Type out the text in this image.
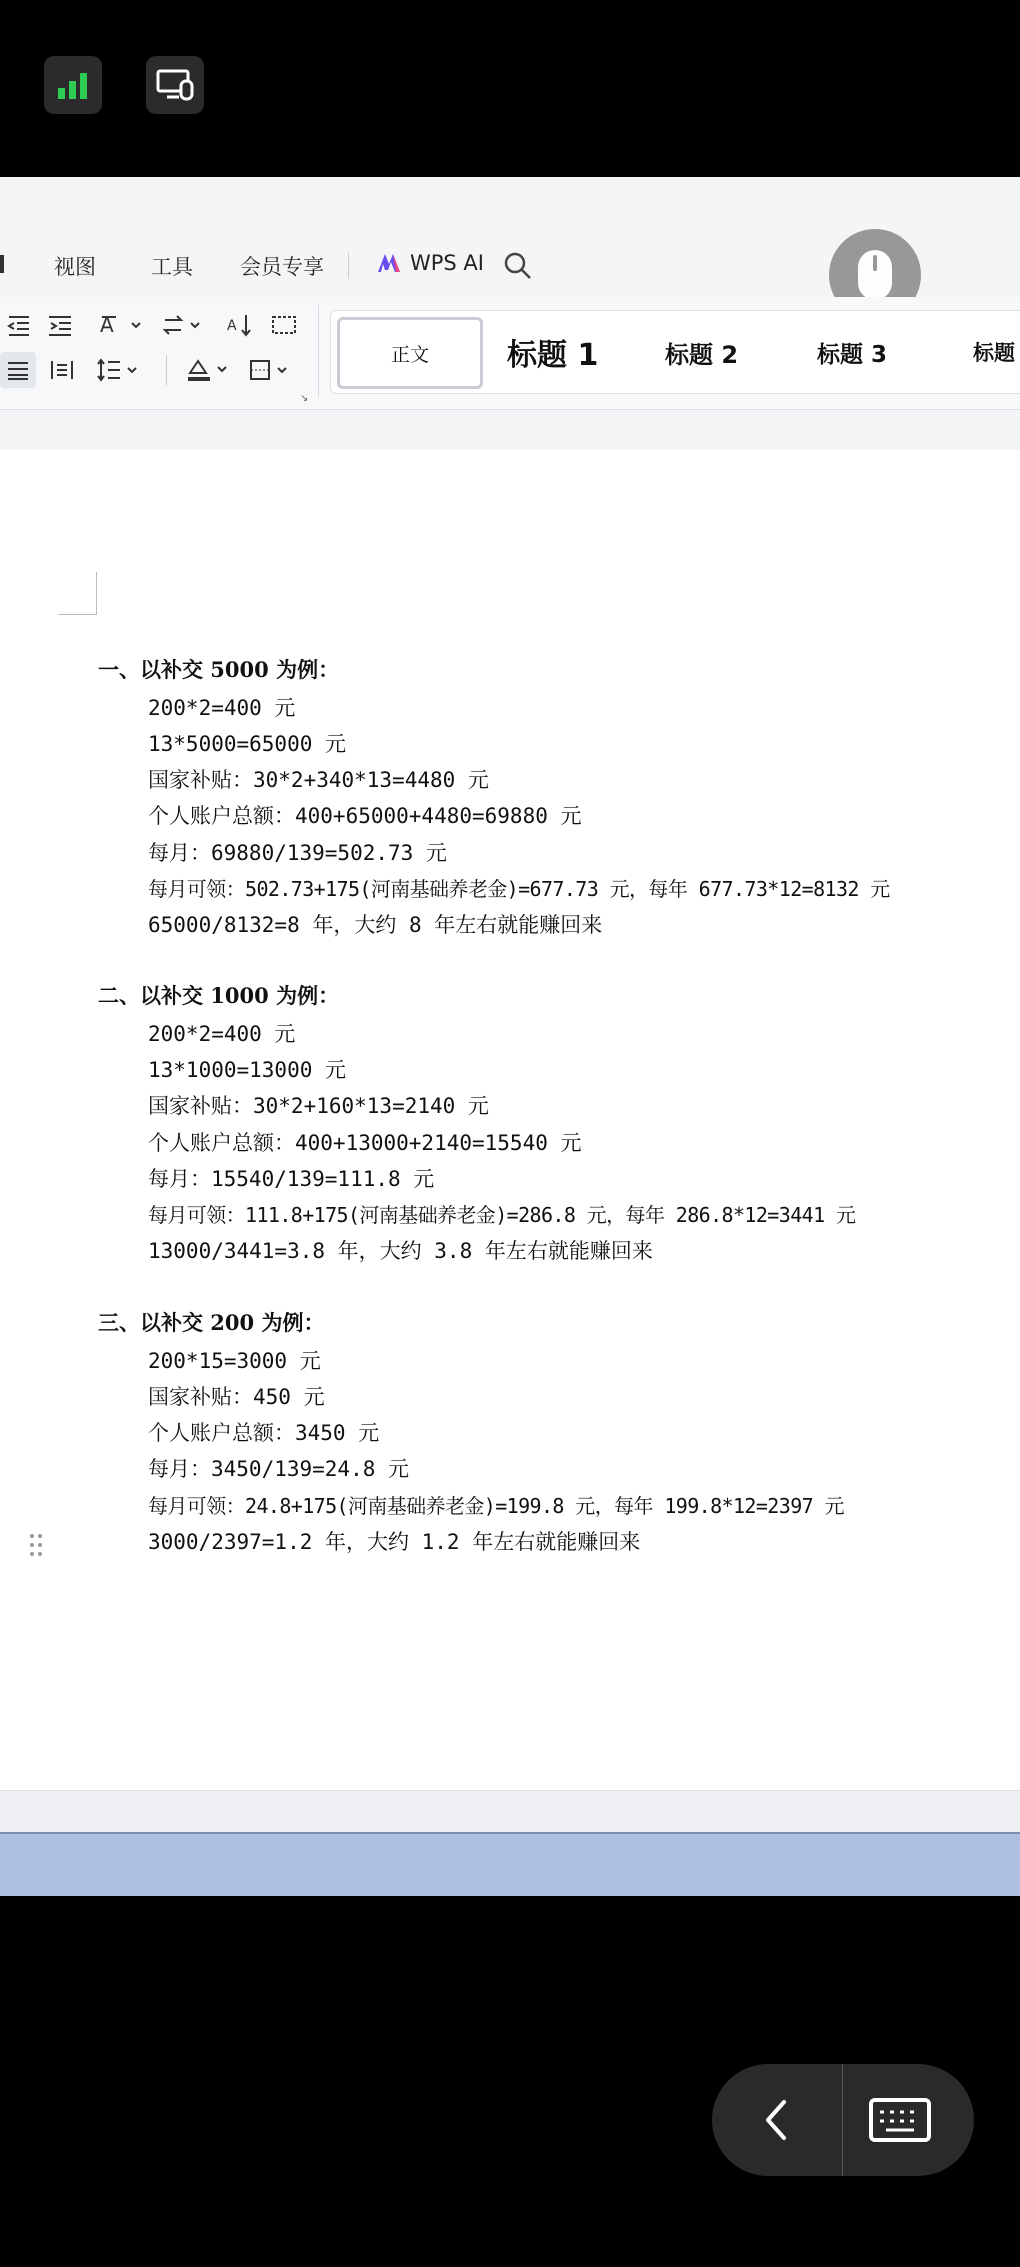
视图	工具 会员专享	WPS AI
A	A
↘
正文	标题 1	标题 2	标题 3	标题
一、以补交 5000 为例：
200*2=400 元
13*5000=65000 元
国家补贴：30*2+340*13=4480 元
个人账户总额：400+65000+4480=69880 元
每月：69880/139=502.73 元
每月可领：502.73+175(河南基础养老金)=677.73 元，每年 677.73*12=8132 元
65000/8132=8 年，大约 8 年左右就能赚回来
二、以补交 1000 为例：
200*2=400 元
13*1000=13000 元
国家补贴：30*2+160*13=2140 元
个人账户总额：400+13000+2140=15540 元
每月：15540/139=111.8 元
每月可领：111.8+175(河南基础养老金)=286.8 元，每年 286.8*12=3441 元
13000/3441=3.8 年，大约 3.8 年左右就能赚回来
三、以补交 200 为例：
200*15=3000 元
国家补贴：450 元
个人账户总额：3450 元
每月：3450/139=24.8 元
每月可领：24.8+175(河南基础养老金)=199.8 元，每年 199.8*12=2397 元
3000/2397=1.2 年，大约 1.2 年左右就能赚回来
